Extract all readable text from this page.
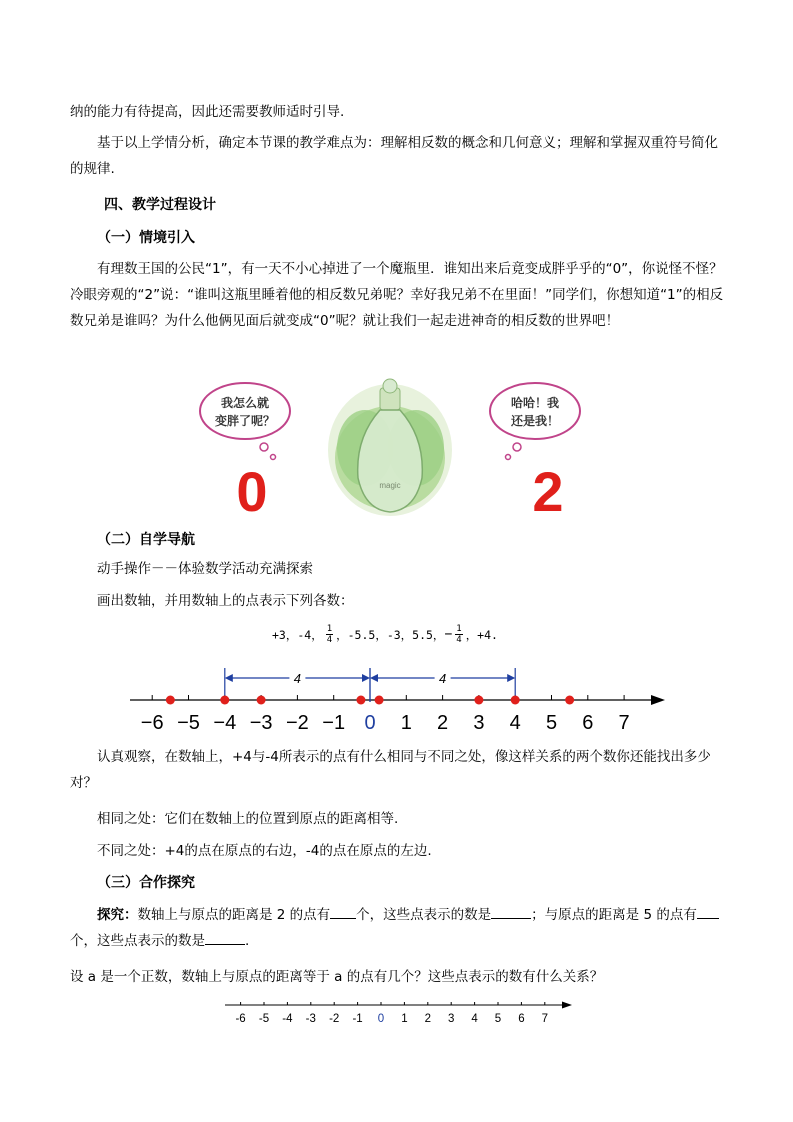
纳的能力有待提高，因此还需要教师适时引导.

基于以上学情分析，确定本节课的教学难点为：理解相反数的概念和几何意义；理解和掌握双重符号简化的规律.

四、教学过程设计
（一）情境引入

有理数王国的公民“1”，有一天不小心掉进了一个魔瓶里．谁知出来后竟变成胖乎乎的“0”，你说怪不怪？冷眼旁观的“2”说：“谁叫这瓶里睡着他的相反数兄弟呢？幸好我兄弟不在里面！”同学们，你想知道“1”的相反数兄弟是谁吗？为什么他俩见面后就变成“0”呢？就让我们一起走进神奇的相反数的世界吧！

我怎么就
变胖了呢？
0	magic
哈哈！我
还是我！
2
（二）自学导航

动手操作－－体验数学活动充满探索

画出数轴，并用数轴上的点表示下列各数：

+3，-4， $\frac{1}{4}$ ，-5.5，-3，5.5， − $\frac{1}{4}$ ，+4.
−6 −5 −4 −3 −2 −1 0 1 2 3 4 5 6 7
4	4

认真观察，在数轴上，+4与-4所表示的点有什么相同与不同之处，像这样关系的两个数你还能找出多少对？

相同之处：它们在数轴上的位置到原点的距离相等.

不同之处：+4的点在原点的右边，-4的点在原点的左边.

（三）合作探究

探究：数轴上与原点的距离是 2 的点有 个，这些点表示的数是	；与原点的距离是 5 的点有个，这些点表示的数是	.

设 a 是一个正数，数轴上与原点的距离等于 a 的点有几个？这些点表示的数有什么关系？

-6 -5 -4 -3 -2 -1 0 1 2 3 4 5 6 7
